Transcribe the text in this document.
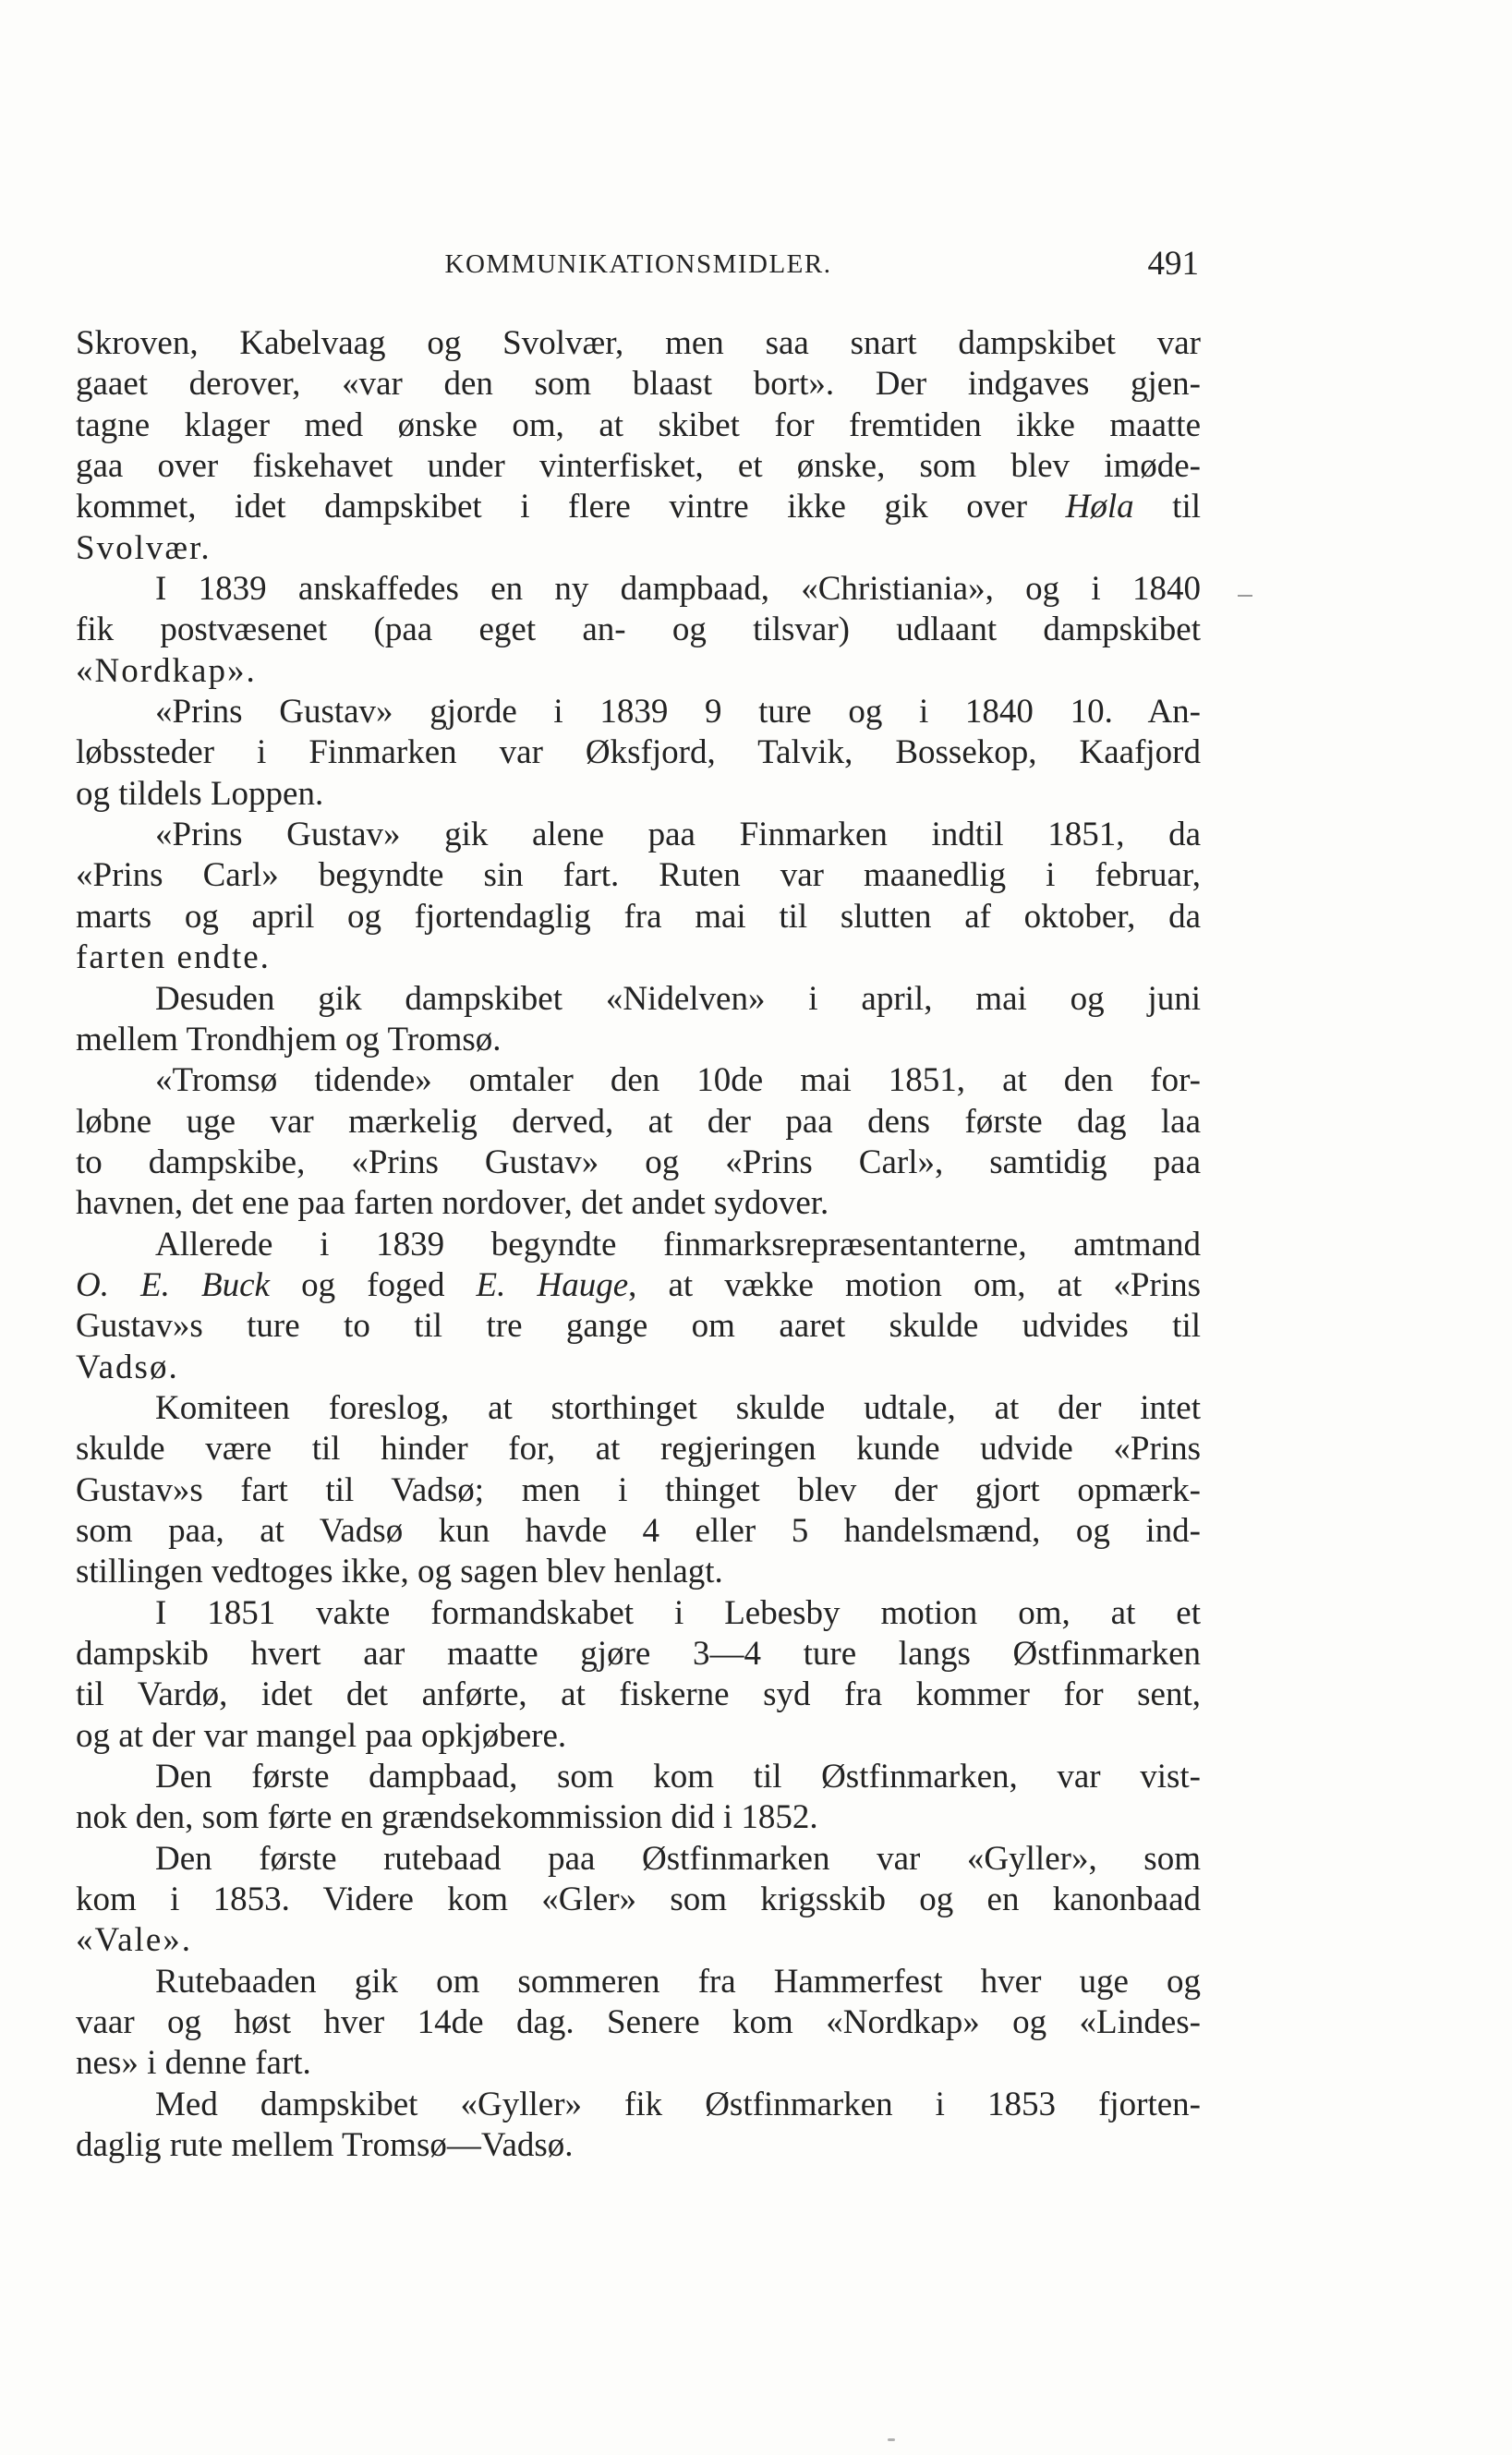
KOMMUNIKATIONSMIDLER.	491
Skroven, Kabelvaag og Svolvær, men saa snart dampskibet var
gaaet derover, «var den som blaast bort». Der indgaves gjen-
tagne klager med ønske om, at skibet for fremtiden ikke maatte
gaa over fiskehavet under vinterfisket, et ønske, som blev imøde-
kommet, idet dampskibet i flere vintre ikke gik over Høla til
Svolvær.
I 1839 anskaffedes en ny dampbaad, «Christiania», og i 1840
fik postvæsenet (paa eget an- og tilsvar) udlaant dampskibet
«Nordkap».
«Prins Gustav» gjorde i 1839 9 ture og i 1840 10. An-
løbssteder i Finmarken var Øksfjord, Talvik, Bossekop, Kaafjord
og tildels Loppen.
«Prins Gustav» gik alene paa Finmarken indtil 1851, da
«Prins Carl» begyndte sin fart. Ruten var maanedlig i februar,
marts og april og fjortendaglig fra mai til slutten af oktober, da
farten endte.
Desuden gik dampskibet «Nidelven» i april, mai og juni
mellem Trondhjem og Tromsø.
«Tromsø tidende» omtaler den 10de mai 1851, at den for-
løbne uge var mærkelig derved, at der paa dens første dag laa
to dampskibe, «Prins Gustav» og «Prins Carl», samtidig paa
havnen, det ene paa farten nordover, det andet sydover.
Allerede i 1839 begyndte finmarksrepræsentanterne, amtmand
O. E. Buck og foged E. Hauge, at vække motion om, at «Prins
Gustav»s ture to til tre gange om aaret skulde udvides til
Vadsø.
Komiteen foreslog, at storthinget skulde udtale, at der intet
skulde være til hinder for, at regjeringen kunde udvide «Prins
Gustav»s fart til Vadsø; men i thinget blev der gjort opmærk-
som paa, at Vadsø kun havde 4 eller 5 handelsmænd, og ind-
stillingen vedtoges ikke, og sagen blev henlagt.
I 1851 vakte formandskabet i Lebesby motion om, at et
dampskib hvert aar maatte gjøre 3—4 ture langs Østfinmarken
til Vardø, idet det anførte, at fiskerne syd fra kommer for sent,
og at der var mangel paa opkjøbere.
Den første dampbaad, som kom til Østfinmarken, var vist-
nok den, som førte en grændsekommission did i 1852.
Den første rutebaad paa Østfinmarken var «Gyller», som
kom i 1853. Videre kom «Gler» som krigsskib og en kanonbaad
«Vale».
Rutebaaden gik om sommeren fra Hammerfest hver uge og
vaar og høst hver 14de dag. Senere kom «Nordkap» og «Lindes-
nes» i denne fart.
Med dampskibet «Gyller» fik Østfinmarken i 1853 fjorten-
daglig rute mellem Tromsø—Vadsø.
